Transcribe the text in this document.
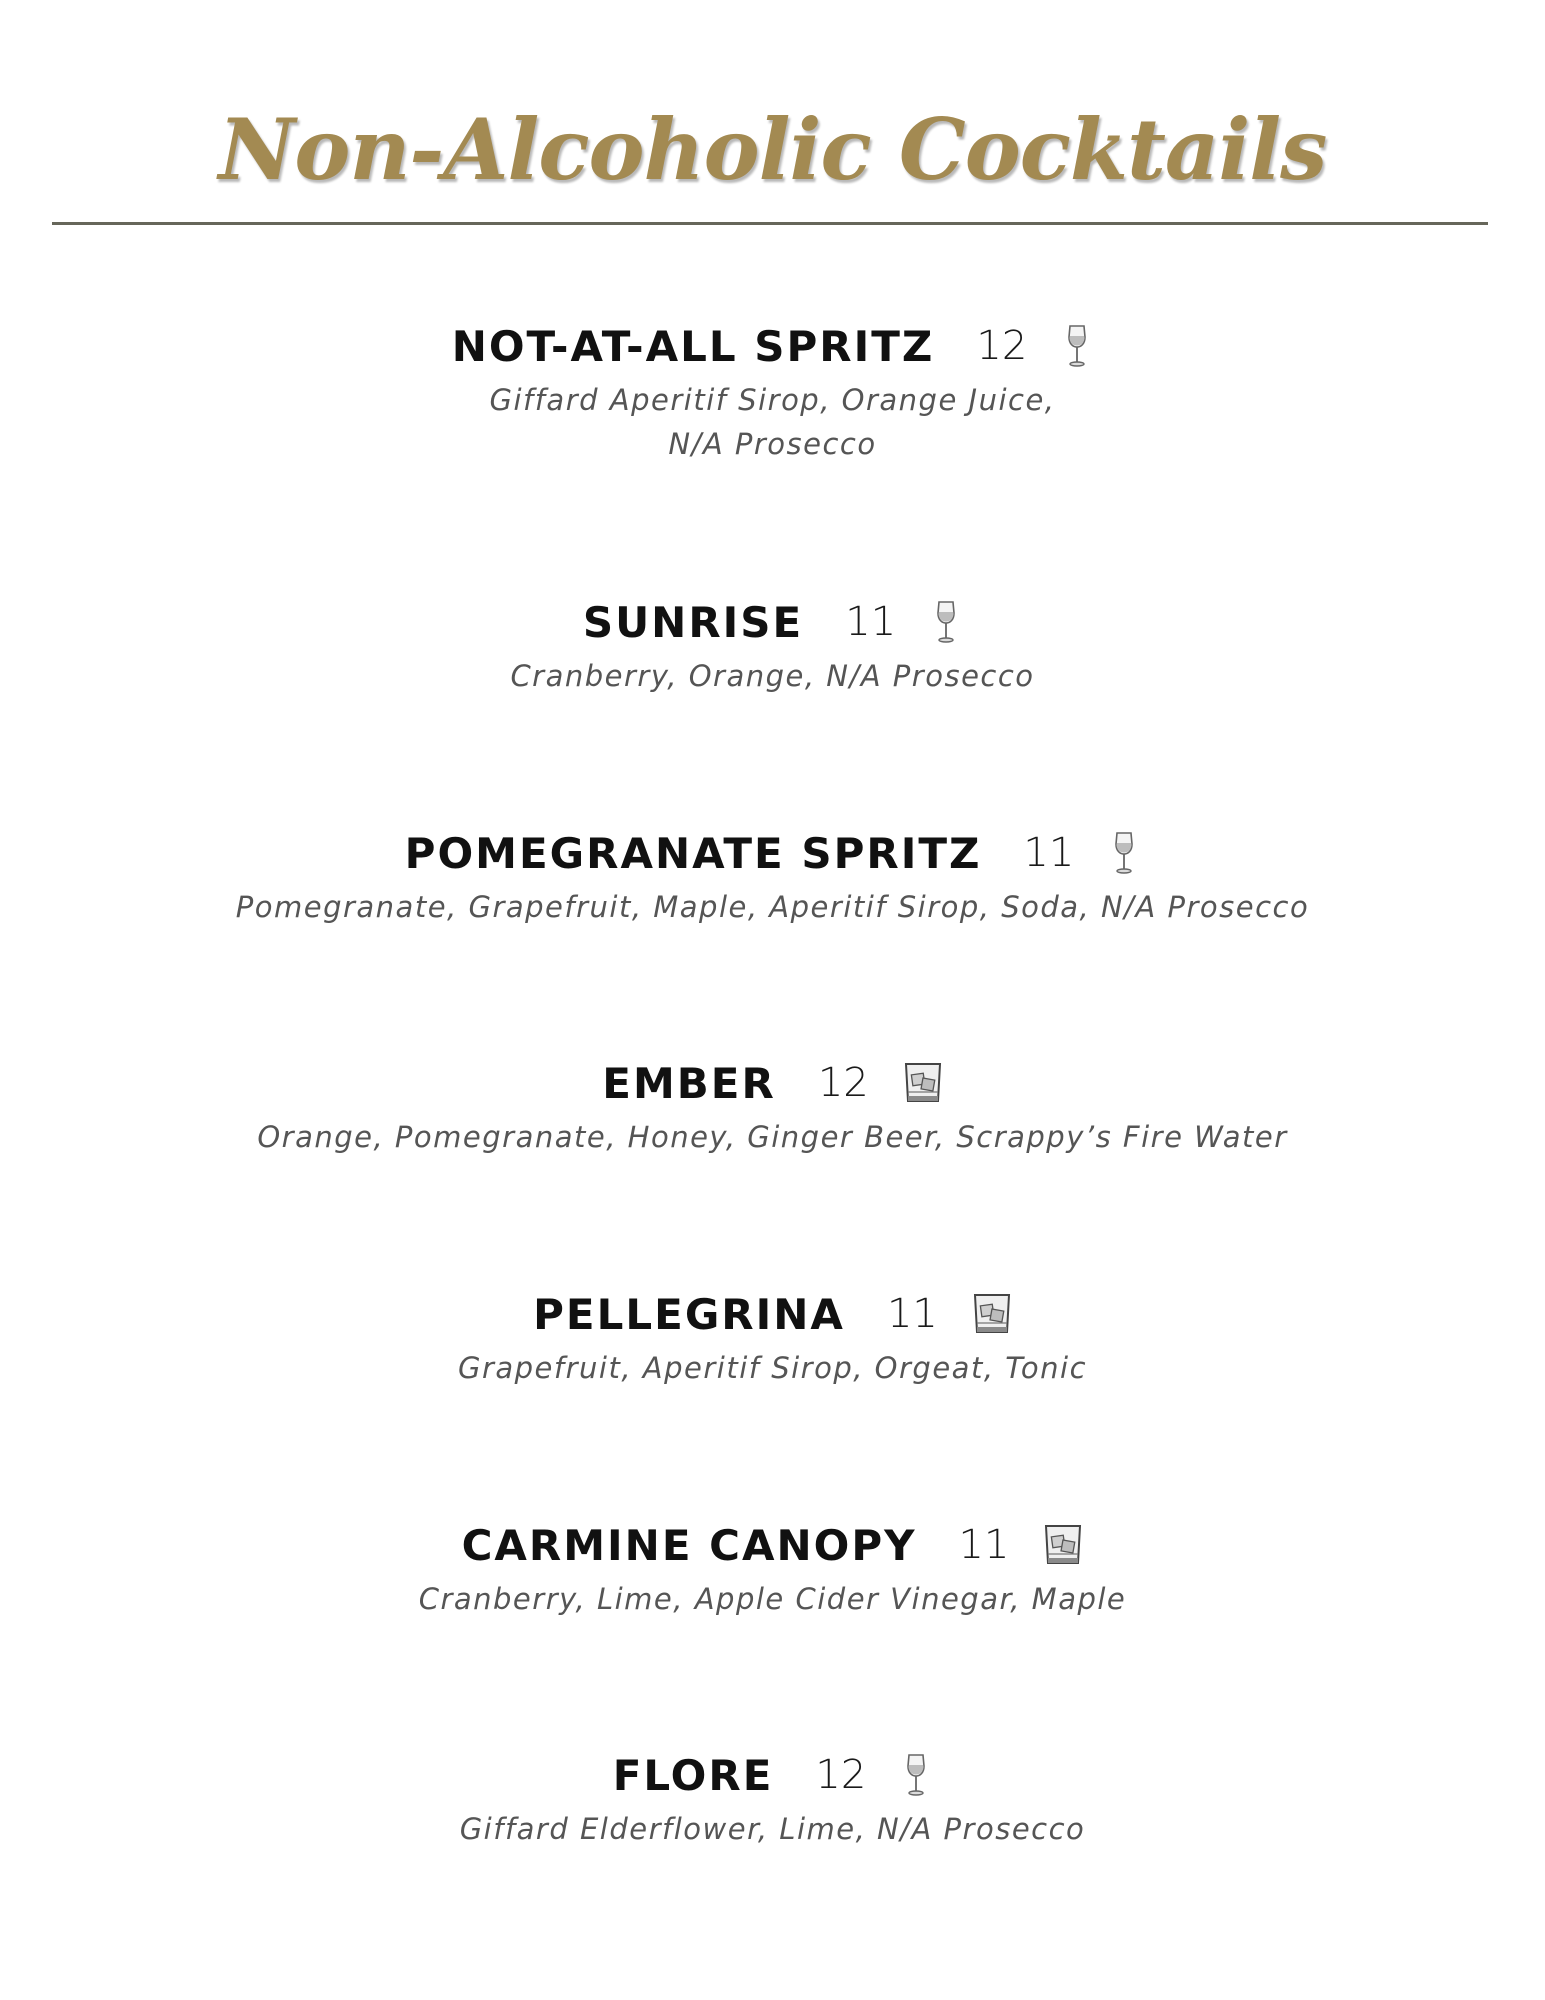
Non-Alcoholic Cocktails
NOT-AT-ALL SPRITZ 12
Giffard Aperitif Sirop, Orange Juice,
N/A Prosecco
SUNRISE 11
Cranberry, Orange, N/A Prosecco
POMEGRANATE SPRITZ 11
Pomegranate, Grapefruit, Maple, Aperitif Sirop, Soda, N/A Prosecco
EMBER 12
Orange, Pomegranate, Honey, Ginger Beer, Scrappy’s Fire Water
PELLEGRINA 11
Grapefruit, Aperitif Sirop, Orgeat, Tonic
CARMINE CANOPY 11
Cranberry, Lime, Apple Cider Vinegar, Maple
FLORE 12
Giffard Elderflower, Lime, N/A Prosecco
